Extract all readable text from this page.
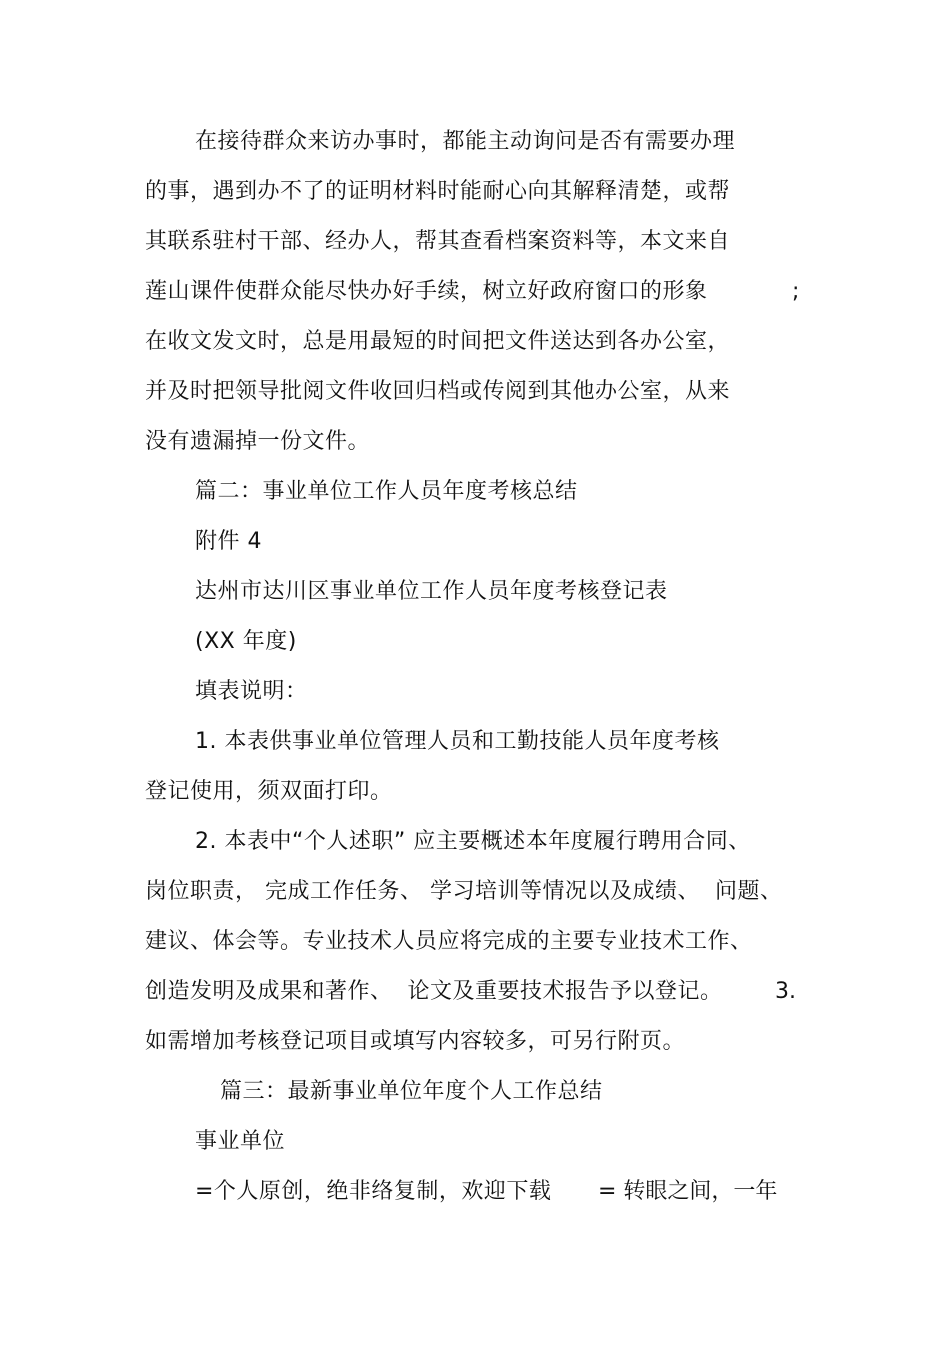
在接待群众来访办事时，都能主动询问是否有需要办理
的事，遇到办不了的证明材料时能耐心向其解释清楚，或帮
其联系驻村干部、经办人，帮其查看档案资料等，本文来自
莲山课件使群众能尽快办好手续，树立好政府窗口的形象	;
在收文发文时，总是用最短的时间把文件送达到各办公室，
并及时把领导批阅文件收回归档或传阅到其他办公室，从来
没有遗漏掉一份文件。
篇二：事业单位工作人员年度考核总结
附件 4
达州市达川区事业单位工作人员年度考核登记表
(XX 年度)
填表说明：
1. 本表供事业单位管理人员和工勤技能人员年度考核
登记使用，须双面打印。
2. 本表中“个人述职” 应主要概述本年度履行聘用合同、
岗位职责， 完成工作任务、 学习培训等情况以及成绩、  问题、
建议、体会等。专业技术人员应将完成的主要专业技术工作、
创造发明及成果和著作、  论文及重要技术报告予以登记。 3.
如需增加考核登记项目或填写内容较多，可另行附页。
篇三：最新事业单位年度个人工作总结
事业单位
=个人原创，绝非络复制，欢迎下载 = 转眼之间，一年
